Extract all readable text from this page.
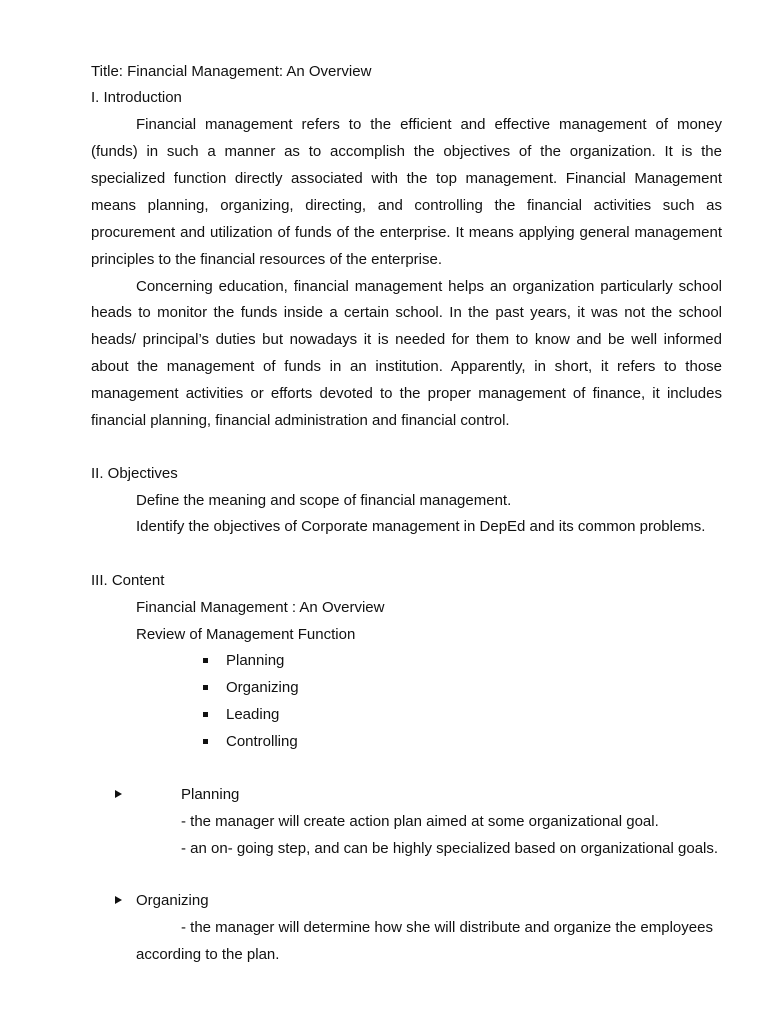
Title: Financial Management: An Overview
I. Introduction
Financial management refers to the efficient and effective management of money
(funds) in such a manner as to accomplish the objectives of the organization. It is the
specialized function directly associated with the top management. Financial Management
means planning, organizing, directing, and controlling the financial activities such as
procurement and utilization of funds of the enterprise. It means applying general management
principles to the financial resources of the enterprise.
Concerning education, financial management helps an organization particularly school
heads to monitor the funds inside a certain school. In the past years, it was not the school
heads/ principal’s duties but nowadays it is needed for them to know and be well informed
about the management of funds in an institution. Apparently, in short, it refers to those
management activities or efforts devoted to the proper management of finance, it includes
financial planning, financial administration and financial control.
II. Objectives
Define the meaning and scope of financial management.
Identify the objectives of Corporate management in DepEd and its common problems.
III. Content
Financial Management : An Overview
Review of Management Function
Planning
Organizing
Leading
Controlling
Planning
- the manager will create action plan aimed at some organizational goal.
- an on- going step, and can be highly specialized based on organizational goals.
Organizing
- the manager will determine how she will distribute and organize the employees
according to the plan.
